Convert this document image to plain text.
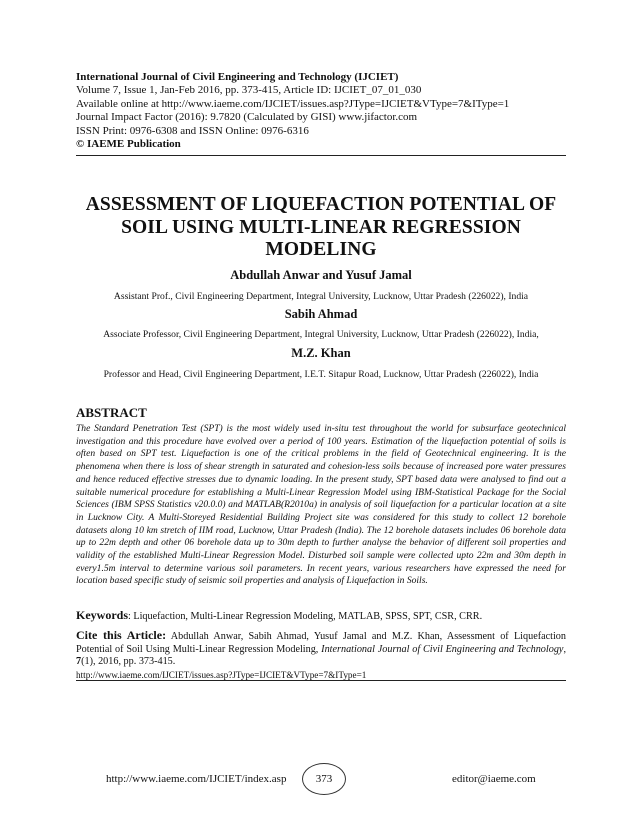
International Journal of Civil Engineering and Technology (IJCIET)
Volume 7, Issue 1, Jan-Feb 2016, pp. 373-415, Article ID: IJCIET_07_01_030
Available online at http://www.iaeme.com/IJCIET/issues.asp?JType=IJCIET&VType=7&IType=1
Journal Impact Factor (2016): 9.7820 (Calculated by GISI) www.jifactor.com
ISSN Print: 0976-6308 and ISSN Online: 0976-6316
© IAEME Publication
ASSESSMENT OF LIQUEFACTION POTENTIAL OF
SOIL USING MULTI-LINEAR REGRESSION
MODELING
Abdullah Anwar and Yusuf Jamal
Assistant Prof., Civil Engineering Department, Integral University, Lucknow, Uttar Pradesh (226022), India
Sabih Ahmad
Associate Professor, Civil Engineering Department, Integral University, Lucknow, Uttar Pradesh (226022), India,
M.Z. Khan
Professor and Head, Civil Engineering Department, I.E.T. Sitapur Road, Lucknow, Uttar Pradesh (226022), India
ABSTRACT
The Standard Penetration Test (SPT) is the most widely used in-situ test throughout the world for subsurface geotechnical investigation and this procedure have evolved over a period of 100 years. Estimation of the liquefaction potential of soils is often based on SPT test. Liquefaction is one of the critical problems in the field of Geotechnical engineering. It is the phenomena when there is loss of shear strength in saturated and cohesion-less soils because of increased pore water pressures and hence reduced effective stresses due to dynamic loading. In the present study, SPT based data were analysed to find out a suitable numerical procedure for establishing a Multi-Linear Regression Model using IBM-Statistical Package for the Social Sciences (IBM SPSS Statistics v20.0.0) and MATLAB(R2010a) in analysis of soil liquefaction for a particular location at a site in Lucknow City. A Multi-Storeyed Residential Building Project site was considered for this study to collect 12 borehole datasets along 10 km stretch of IIM road, Lucknow, Uttar Pradesh (India). The 12 borehole datasets includes 06 borehole data up to 22m depth and other 06 borehole data up to 30m depth to further analyse the behavior of different soil properties and validity of the established Multi-Linear Regression Model. Disturbed soil sample were collected upto 22m and 30m depth in every1.5m interval to determine various soil parameters. In recent years, various researchers have expressed the need for location based specific study of seismic soil properties and analysis of Liquefaction in Soils.
Keywords: Liquefaction, Multi-Linear Regression Modeling, MATLAB, SPSS, SPT, CSR, CRR.
Cite this Article: Abdullah Anwar, Sabih Ahmad, Yusuf Jamal and M.Z. Khan, Assessment of Liquefaction Potential of Soil Using Multi-Linear Regression Modeling, International Journal of Civil Engineering and Technology, 7(1), 2016, pp. 373-415.
http://www.iaeme.com/IJCIET/issues.asp?JType=IJCIET&VType=7&IType=1
http://www.iaeme.com/IJCIET/index.asp	373	editor@iaeme.com
